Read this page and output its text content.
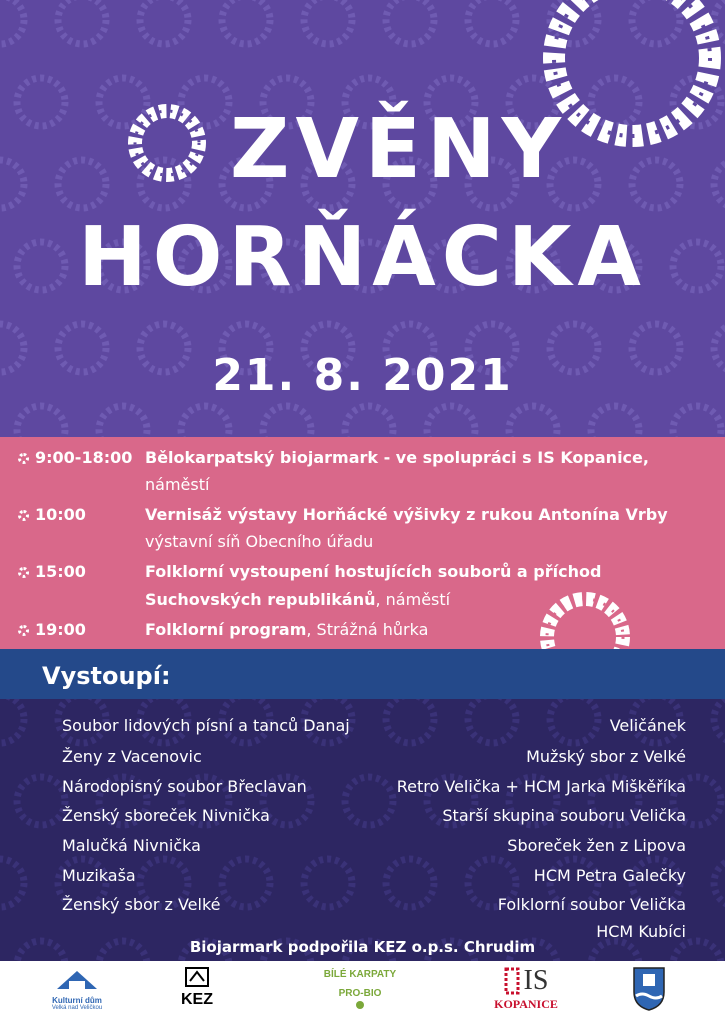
ZVĚNY
HORŇÁCKA
21. 8. 2021
9:00-18:00 Bělokarpatský biojarmark - ve spolupráci s IS Kopanice,
náměstí
10:00	Vernisáž výstavy Horňácké výšivky z rukou Antonína Vrby
výstavní síň Obecního úřadu
15:00	Folklorní vystoupení hostujících souborů a příchod
Suchovských republikánů, náměstí
19:00	Folklorní program, Strážná hůrka
Vystoupí:
Soubor lidových písní a tanců Danaj
Ženy z Vacenovic
Národopisný soubor Břeclavan
Ženský sboreček Nivnička
Malučká Nivnička
Muzikaša
Ženský sbor z Velké
Veličánek
Mužský sbor z Velké
Retro Velička + HCM Jarka Miškěříka
Starší skupina souboru Velička
Sboreček žen z Lipova
HCM Petra Galečky
Folklorní soubor Velička
HCM Kubíci
Biojarmark podpořila KEZ o.p.s. Chrudim
Kulturní dům
Velká nad Veličkou	KEZ
BÍLÉ KARPATY
PRO-BIO	IS
KOPANICE
